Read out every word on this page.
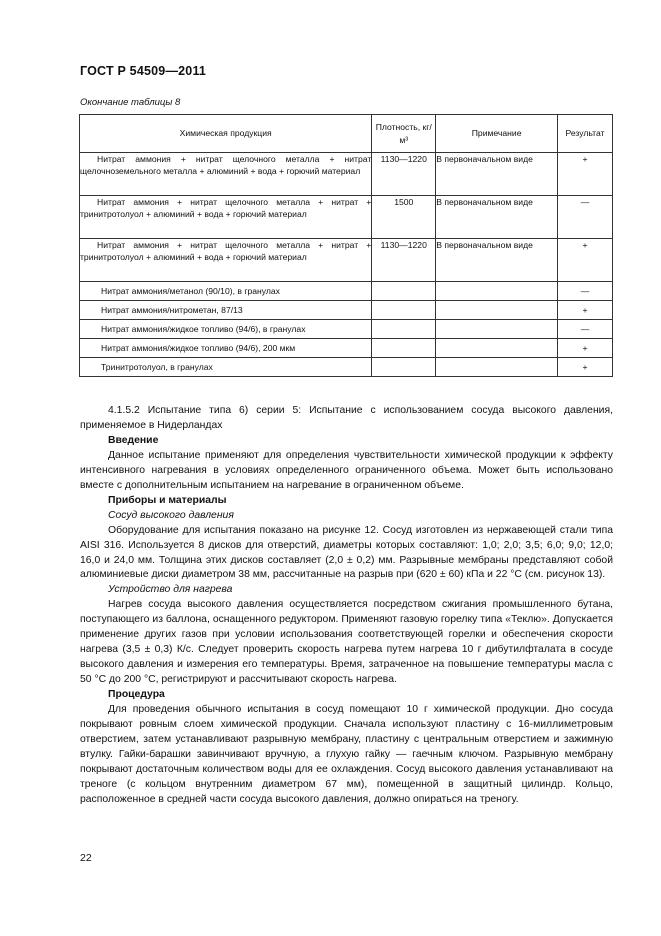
ГОСТ Р 54509—2011
Окончание таблицы 8
Химическая продукция	Плотность, кг/м³	Примечание	Результат

Нитрат аммония + нитрат щелочного металла + нитрат щелочноземельного металла + алюминий + вода + горючий материал	1130—1220	В первоначальном виде	+

Нитрат аммония + нитрат щелочного металла + нитрат + тринитротолуол + алюминий + вода + горючий материал	1500	В первоначальном виде	—

Нитрат аммония + нитрат щелочного металла + нитрат + тринитротолуол + алюминий + вода + горючий материал	1130—1220	В первоначальном виде	+
Нитрат аммония/метанол (90/10), в гранулах			—
Нитрат аммония/нитрометан, 87/13			+
Нитрат аммония/жидкое топливо (94/6), в гранулах			—
Нитрат аммония/жидкое топливо (94/6), 200 мкм			+
Тринитротолуол, в гранулах			+

4.1.5.2 Испытание типа 6) серии 5: Испытание с использованием сосуда высокого давления, применяемое в Нидерландах

Введение

Данное испытание применяют для определения чувствительности химической продукции к эффекту интенсивного нагревания в условиях определенного ограниченного объема. Может быть использовано вместе с дополнительным испытанием на нагревание в ограниченном объеме.

Приборы и материалы

Сосуд высокого давления

Оборудование для испытания показано на рисунке 12. Сосуд изготовлен из нержавеющей стали типа AISI 316. Используется 8 дисков для отверстий, диаметры которых составляют: 1,0; 2,0; 3,5; 6,0; 9,0; 12,0; 16,0 и 24,0 мм. Толщина этих дисков составляет (2,0 ± 0,2) мм. Разрывные мембраны представляют собой алюминиевые диски диаметром 38 мм, рассчитанные на разрыв при (620 ± 60) кПа и 22 °С (см. рисунок 13).

Устройство для нагрева

Нагрев сосуда высокого давления осуществляется посредством сжигания промышленного бутана, поступающего из баллона, оснащенного редуктором. Применяют газовую горелку типа «Теклю». Допускается применение других газов при условии использования соответствующей горелки и обеспечения скорости нагрева (3,5 ± 0,3) К/с. Следует проверить скорость нагрева путем нагрева 10 г дибутилфталата в сосуде высокого давления и измерения его температуры. Время, затраченное на повышение температуры масла с 50 °С до 200 °С, регистрируют и рассчитывают скорость нагрева.

Процедура

Для проведения обычного испытания в сосуд помещают 10 г химической продукции. Дно сосуда покрывают ровным слоем химической продукции. Сначала используют пластину с 16-миллиметровым отверстием, затем устанавливают разрывную мембрану, пластину с центральным отверстием и зажимную втулку. Гайки-барашки завинчивают вручную, а глухую гайку — гаечным ключом. Разрывную мембрану покрывают достаточным количеством воды для ее охлаждения. Сосуд высокого давления устанавливают на треноге (с кольцом внутренним диаметром 67 мм), помещенной в защитный цилиндр. Кольцо, расположенное в средней части сосуда высокого давления, должно опираться на треногу.

22
